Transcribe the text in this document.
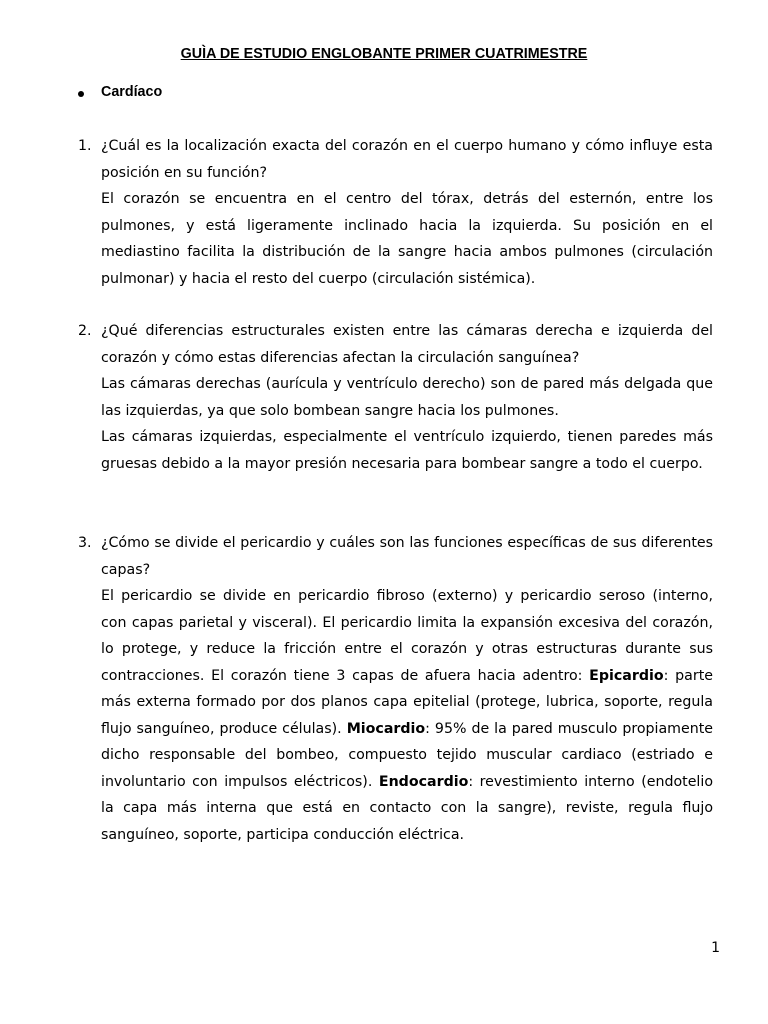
GUÌA DE ESTUDIO ENGLOBANTE PRIMER CUATRIMESTRE
Cardíaco
1. ¿Cuál es la localización exacta del corazón en el cuerpo humano y cómo influye esta posición en su función?

El corazón se encuentra en el centro del tórax, detrás del esternón, entre los pulmones, y está ligeramente inclinado hacia la izquierda. Su posición en el mediastino facilita la distribución de la sangre hacia ambos pulmones (circulación pulmonar) y hacia el resto del cuerpo (circulación sistémica).

2. ¿Qué diferencias estructurales existen entre las cámaras derecha e izquierda del corazón y cómo estas diferencias afectan la circulación sanguínea?

Las cámaras derechas (aurícula y ventrículo derecho) son de pared más delgada que las izquierdas, ya que solo bombean sangre hacia los pulmones.

Las cámaras izquierdas, especialmente el ventrículo izquierdo, tienen paredes más gruesas debido a la mayor presión necesaria para bombear sangre a todo el cuerpo.

3. ¿Cómo se divide el pericardio y cuáles son las funciones específicas de sus diferentes capas?

El pericardio se divide en pericardio fibroso (externo) y pericardio seroso (interno, con capas parietal y visceral). El pericardio limita la expansión excesiva del corazón, lo protege, y reduce la fricción entre el corazón y otras estructuras durante sus contracciones. El corazón tiene 3 capas de afuera hacia adentro: Epicardio: parte más externa formado por dos planos capa epitelial (protege, lubrica, soporte, regula flujo sanguíneo, produce células). Miocardio: 95% de la pared musculo propiamente dicho responsable del bombeo, compuesto tejido muscular cardiaco (estriado e involuntario con impulsos eléctricos). Endocardio: revestimiento interno (endotelio la capa más interna que está en contacto con la sangre), reviste, regula flujo sanguíneo, soporte, participa conducción eléctrica.

1
